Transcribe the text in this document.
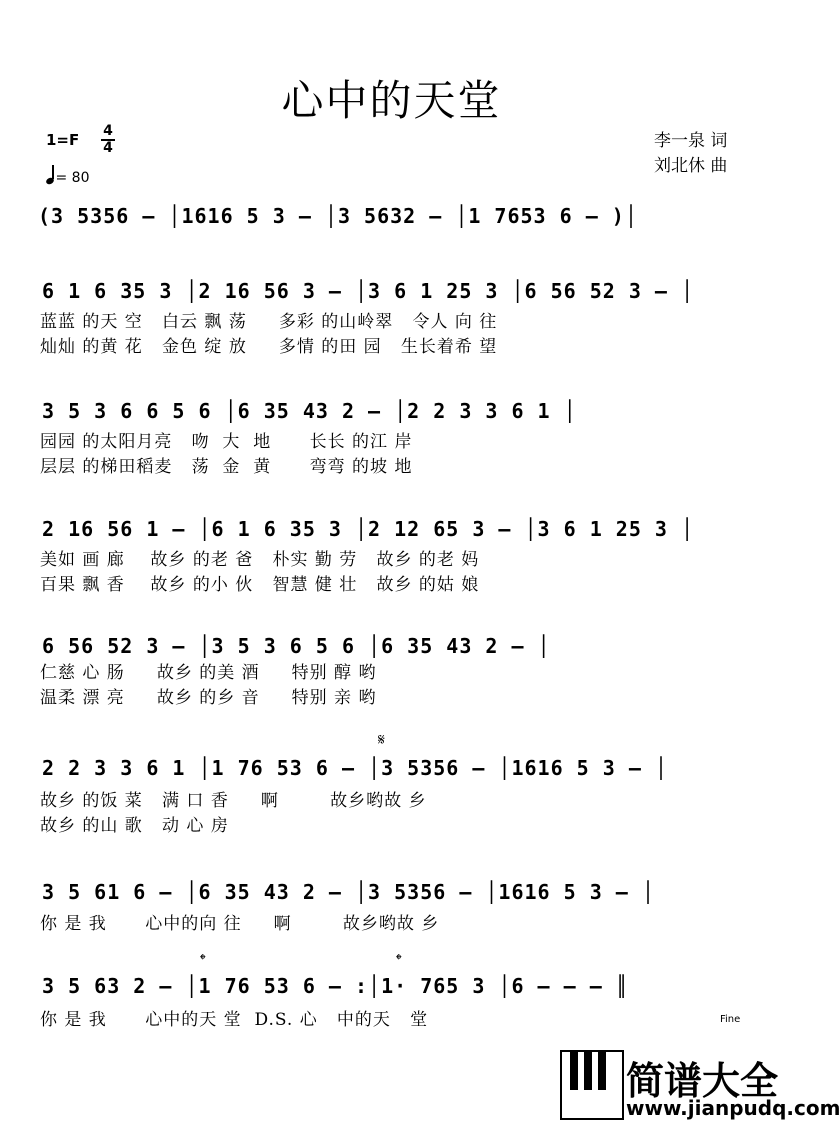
心中的天堂
李一泉 词
刘北休 曲
1=F 4
4
= 80
(3 5356 – │1616 5 3 – │3 5632 – │1 7653 6 – )│
6 1 6 35 3 │2 16 56 3 – │3 6 1 25 3 │6 56 52 3 – │
蓝蓝 的天 空   白云 飘 荡     多彩 的山岭翠   令人 向 往
灿灿 的黄 花   金色 绽 放     多情 的田 园   生长着希 望
3 5 3 6 6 5 6 │6 35 43 2 – │2 2 3 3 6 1 │
园园 的太阳月亮   吻  大  地      长长 的江 岸
层层 的梯田稻麦   荡  金  黄      弯弯 的坡 地
2 16 56 1 – │6 1 6 35 3 │2 12 65 3 – │3 6 1 25 3 │
美如 画 廊    故乡 的老 爸   朴实 勤 劳   故乡 的老 妈
百果 飘 香    故乡 的小 伙   智慧 健 壮   故乡 的姑 娘
6 56 52 3 – │3 5 3 6 5 6 │6 35 43 2 – │
仁慈 心 肠     故乡 的美 酒     特别 醇 哟
温柔 漂 亮     故乡 的乡 音     特别 亲 哟
𝄋
2 2 3 3 6 1 │1 76 53 6 – │3 5356 – │1616 5 3 – │
故乡 的饭 菜   满 口 香     啊        故乡哟故 乡
故乡 的山 歌   动 心 房
3 5 61 6 – │6 35 43 2 – │3 5356 – │1616 5 3 – │
你 是 我      心中的向 往     啊        故乡哟故 乡
𝄌	𝄌
3 5 63 2 – │1 76 53 6 – :│1· 765 3 │6 – – – ║
你 是 我      心中的天 堂  D.S. 心   中的天   堂	Fine
简谱大全
www.jianpudq.com
